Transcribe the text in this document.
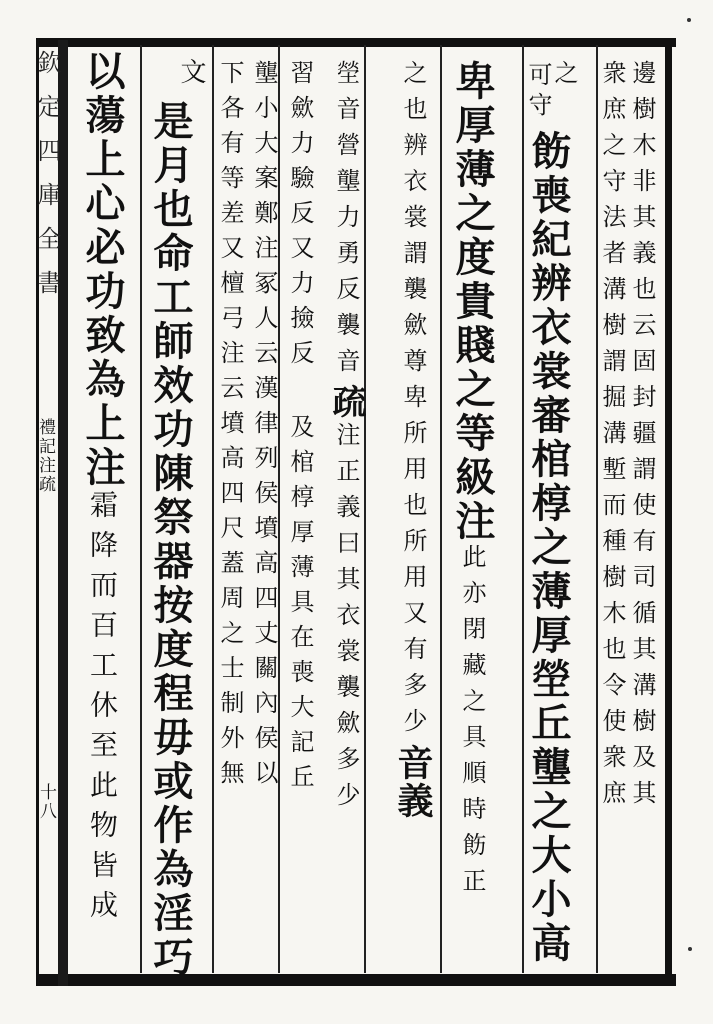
欽定四庫全書
禮記注疏
十八	邊樹木非其義也云固封疆謂使有司循其溝樹及其
衆庶之守法者溝樹謂掘溝塹而種樹木也令使衆庶
之
可守
飭喪紀辨衣裳審棺椁之薄厚塋丘壟之大小高
卑厚薄之度貴賤之等級注此亦閉藏之具順時飭正
之也辨衣裳謂襲歛尊卑所用也所用又有多少音義
塋音營壟力勇反襲音疏注正義曰其衣裳襲歛多少
習歛力驗反又力撿反 及棺椁厚薄具在喪大記丘
壟小大案鄭注冢人云漢律列侯墳高四丈關內侯以
下各有等差又檀弓注云墳高四尺蓋周之士制外無
文
是月也命工師效功陳祭器按度程毋或作為淫巧
以蕩上心必功致為上注霜降而百工休至此物皆成
